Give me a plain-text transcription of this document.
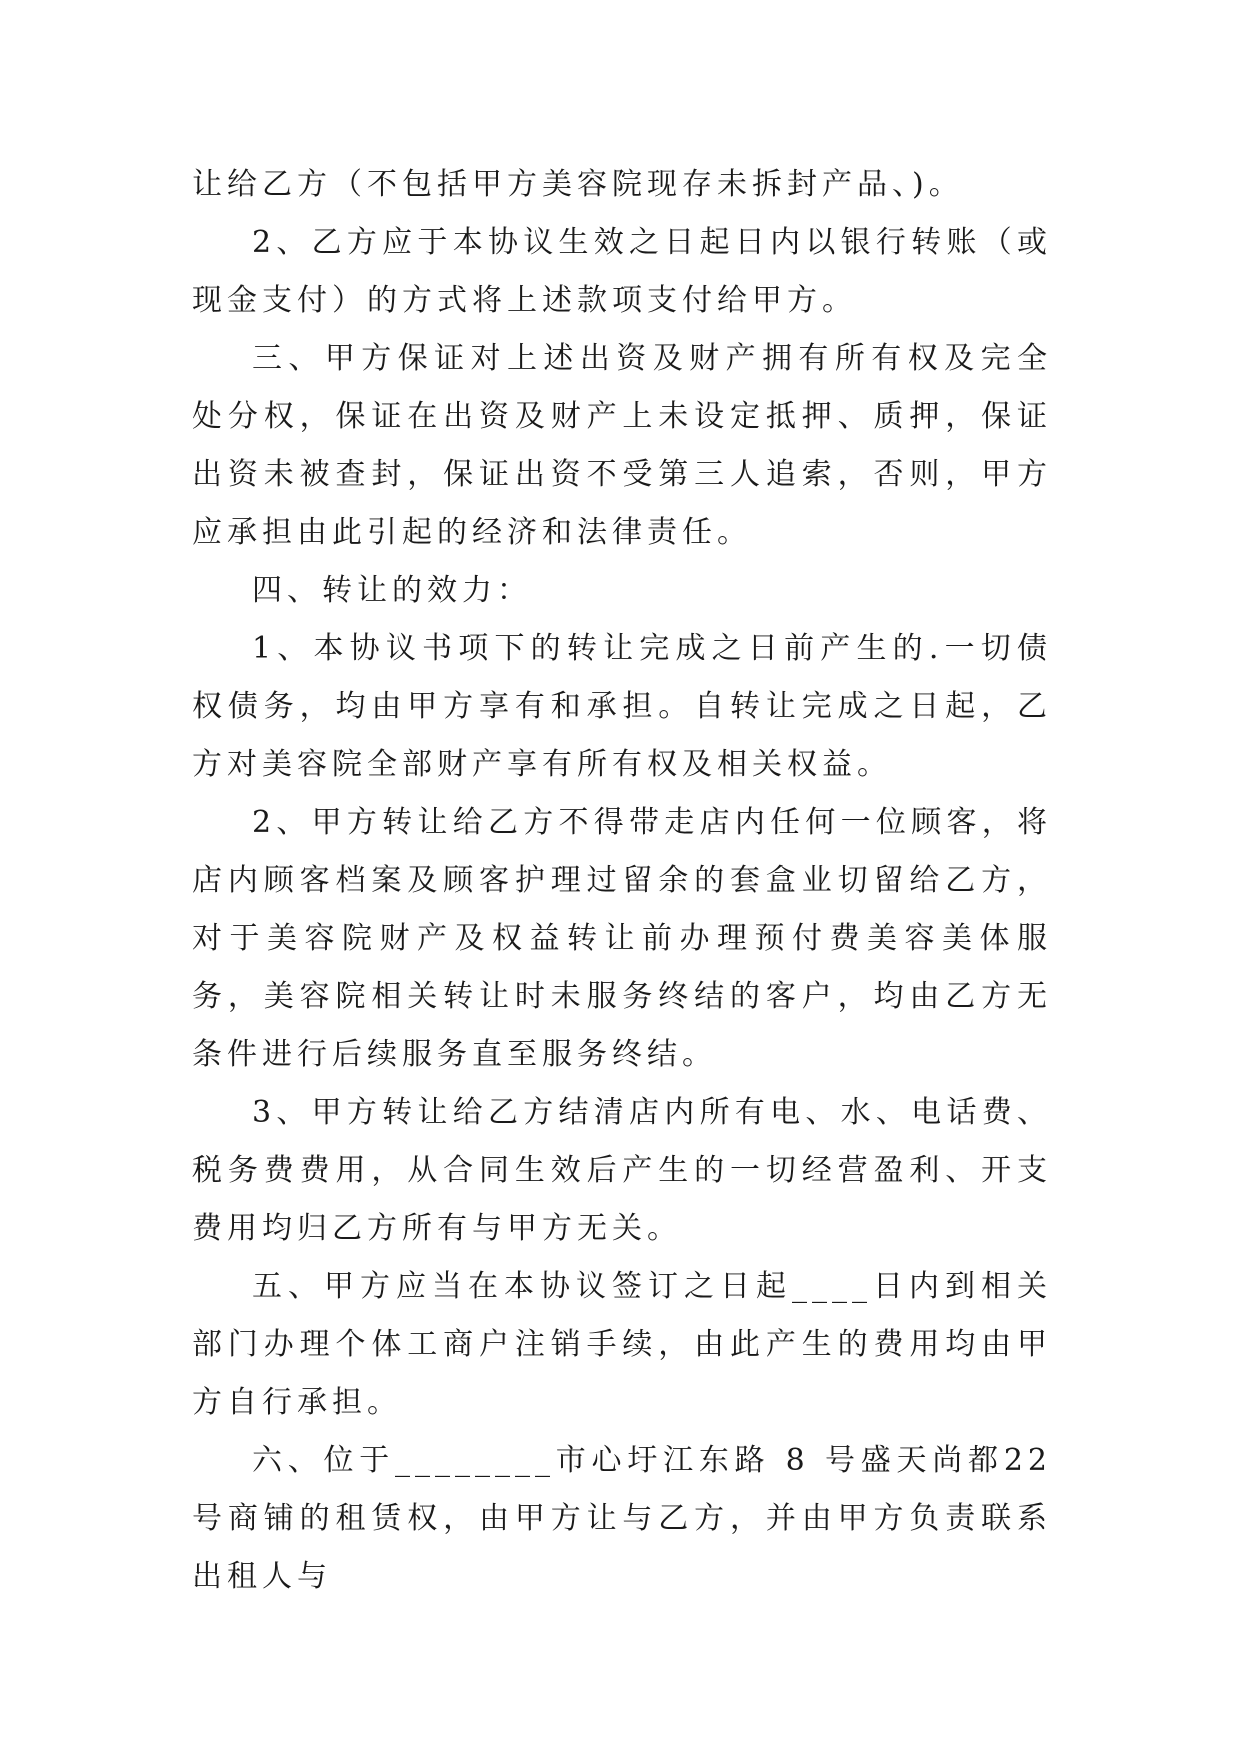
让给乙方（不包括甲方美容院现存未拆封产品、)。

2、乙方应于本协议生效之日起日内以银行转账（或现金支付）的方式将上述款项支付给甲方。

三、甲方保证对上述出资及财产拥有所有权及完全处分权，保证在出资及财产上未设定抵押、质押，保证出资未被查封，保证出资不受第三人追索，否则，甲方应承担由此引起的经济和法律责任。

四、转让的效力：

1、本协议书项下的转让完成之日前产生的.一切债权债务，均由甲方享有和承担。自转让完成之日起，乙方对美容院全部财产享有所有权及相关权益。

2、甲方转让给乙方不得带走店内任何一位顾客，将店内顾客档案及顾客护理过留余的套盒业切留给乙方，对于美容院财产及权益转让前办理预付费美容美体服务，美容院相关转让时未服务终结的客户，均由乙方无条件进行后续服务直至服务终结。

3、甲方转让给乙方结清店内所有电、水、电话费、税务费费用，从合同生效后产生的一切经营盈利、开支费用均归乙方所有与甲方无关。

五、甲方应当在本协议签订之日起____日内到相关部门办理个体工商户注销手续，由此产生的费用均由甲方自行承担。

六、位于________市心圩江东路 8 号盛天尚都22号商铺的租赁权，由甲方让与乙方，并由甲方负责联系出租人与
